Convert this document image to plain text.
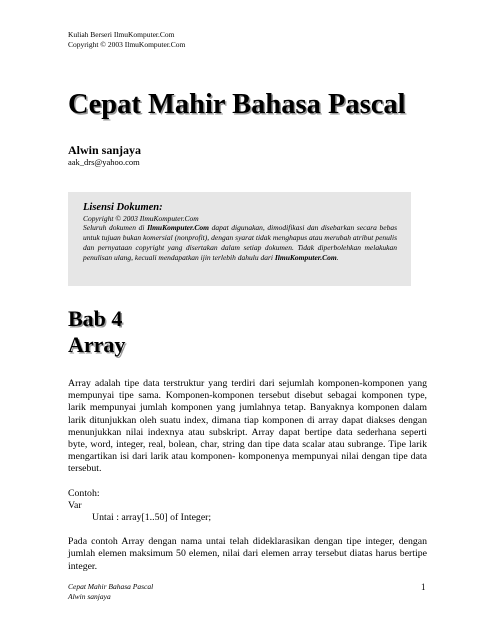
Kuliah Berseri IlmuKomputer.Com
Copyright © 2003 IlmuKomputer.Com
Cepat Mahir Bahasa Pascal
Alwin sanjaya
aak_drs@yahoo.com
Lisensi Dokumen:
Copyright © 2003 IlmuKomputer.Com
Seluruh dokumen di IlmuKomputer.Com dapat digunakan, dimodifikasi dan disebarkan secara bebas untuk tujuan bukan komersial (nonprofit), dengan syarat tidak menghapus atau merubah atribut penulis dan pernyataan copyright yang disertakan dalam setiap dokumen. Tidak diperbolehkan melakukan penulisan ulang, kecuali mendapatkan ijin terlebih dahulu dari IlmuKomputer.Com.
Bab 4
Array

Array adalah tipe data terstruktur yang terdiri dari sejumlah komponen-komponen yang mempunyai tipe sama. Komponen-komponen tersebut disebut sebagai komponen type, larik mempunyai jumlah komponen yang jumlahnya tetap. Banyaknya komponen dalam larik ditunjukkan oleh suatu index, dimana tiap komponen di array dapat diakses dengan menunjukkan nilai indexnya atau subskript. Array dapat bertipe data sederhana seperti byte, word, integer, real, bolean, char, string dan tipe data scalar atau subrange. Tipe larik mengartikan isi dari larik atau komponen- komponenya mempunyai nilai dengan tipe data tersebut.

Contoh:

Var

Untai : array[1..50] of Integer;

Pada contoh Array dengan nama untai telah dideklarasikan dengan tipe integer, dengan jumlah elemen maksimum 50 elemen, nilai dari elemen array tersebut diatas harus bertipe integer.

Cepat Mahir Bahasa Pascal
Alwin sanjaya
1
